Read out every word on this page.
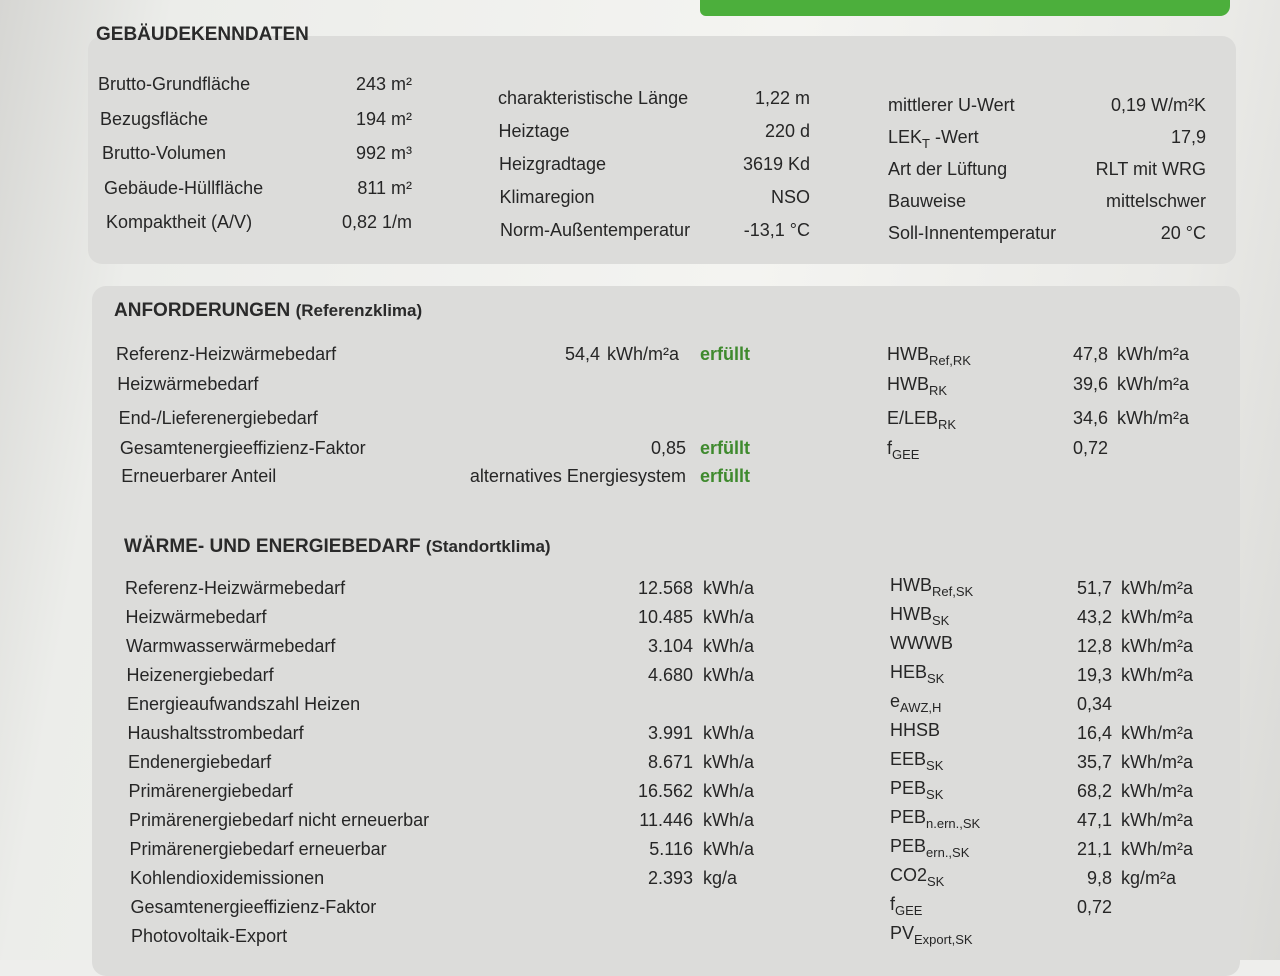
GEBÄUDEKENNDATEN
Brutto-Grundfläche	243 m²
Bezugsfläche	194 m²
Brutto-Volumen	992 m³
Gebäude-Hüllfläche	811 m²
Kompaktheit (A/V)	0,82 1/m
charakteristische Länge	1,22 m
Heiztage	220 d
Heizgradtage	3619 Kd
Klimaregion	NSO
Norm-Außentemperatur	-13,1 °C
mittlerer U-Wert	0,19 W/m²K
$LEK_T$ -Wert	17,9
Art der Lüftung	RLT mit WRG
Bauweise	mittelschwer
Soll-Innentemperatur	20 °C
ANFORDERUNGEN (Referenzklima)
Referenz-Heizwärmebedarf	54,4 kWh/m²a erfüllt	$HWB_{Ref,RK}$	47,8 kWh/m²a
Heizwärmebedarf	$HWB_{RK}$	39,6 kWh/m²a
End-/Lieferenergiebedarf	$E/LEB_{RK}$	34,6 kWh/m²a
Gesamtenergieeffizienz-Faktor	0,85 erfüllt	$f_{GEE}$	0,72
Erneuerbarer Anteil	alternatives Energiesystem erfüllt
WÄRME- UND ENERGIEBEDARF (Standortklima)
Referenz-Heizwärmebedarf	12.568 kWh/a	$HWB_{Ref,SK}$	51,7 kWh/m²a
Heizwärmebedarf	10.485 kWh/a	$HWB_{SK}$	43,2 kWh/m²a
Warmwasserwärmebedarf	3.104 kWh/a	WWWB	12,8 kWh/m²a
Heizenergiebedarf	4.680 kWh/a	$HEB_{SK}$	19,3 kWh/m²a
Energieaufwandszahl Heizen	$e_{AWZ,H}$	0,34
Haushaltsstrombedarf	3.991 kWh/a	HHSB	16,4 kWh/m²a
Endenergiebedarf	8.671 kWh/a	$EEB_{SK}$	35,7 kWh/m²a
Primärenergiebedarf	16.562 kWh/a	$PEB_{SK}$	68,2 kWh/m²a
Primärenergiebedarf nicht erneuerbar	11.446 kWh/a	$PEB_{n.ern.,SK}$	47,1 kWh/m²a
Primärenergiebedarf erneuerbar	5.116 kWh/a	$PEB_{ern.,SK}$	21,1 kWh/m²a
Kohlendioxidemissionen	2.393 kg/a	$CO2_{SK}$	9,8 kg/m²a
Gesamtenergieeffizienz-Faktor	$f_{GEE}$	0,72
Photovoltaik-Export	$PV_{Export,SK}$
